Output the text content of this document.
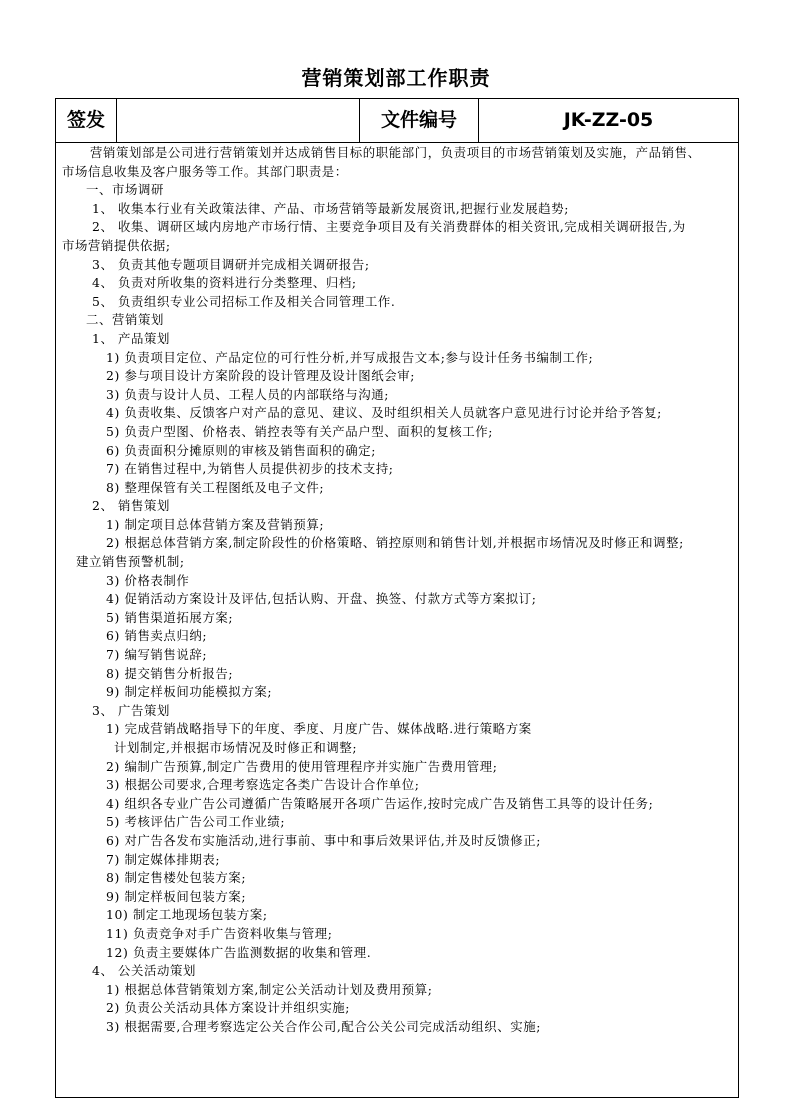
营销策划部工作职责
签发	文件编号	JK-ZZ-05
营销策划部是公司进行营销策划并达成销售目标的职能部门，负责项目的市场营销策划及实施，产品销售、
市场信息收集及客户服务等工作。其部门职责是：
一、市场调研
1、 收集本行业有关政策法律、产品、市场营销等最新发展资讯,把握行业发展趋势;
2、 收集、调研区域内房地产市场行情、主要竞争项目及有关消费群体的相关资讯,完成相关调研报告,为
市场营销提供依据;
3、 负责其他专题项目调研并完成相关调研报告;
4、 负责对所收集的资料进行分类整理、归档;
5、 负责组织专业公司招标工作及相关合同管理工作.
二、营销策划
1、 产品策划
1) 负责项目定位、产品定位的可行性分析,并写成报告文本;参与设计任务书编制工作;
2) 参与项目设计方案阶段的设计管理及设计图纸会审;
3) 负责与设计人员、工程人员的内部联络与沟通;
4) 负责收集、反馈客户对产品的意见、建议、及时组织相关人员就客户意见进行讨论并给予答复;
5) 负责户型图、价格表、销控表等有关产品户型、面积的复核工作;
6) 负责面积分摊原则的审核及销售面积的确定;
7) 在销售过程中,为销售人员提供初步的技术支持;
8) 整理保管有关工程图纸及电子文件;
2、 销售策划
1) 制定项目总体营销方案及营销预算;
2) 根据总体营销方案,制定阶段性的价格策略、销控原则和销售计划,并根据市场情况及时修正和调整;
建立销售预警机制;
3) 价格表制作
4) 促销活动方案设计及评估,包括认购、开盘、换签、付款方式等方案拟订;
5) 销售渠道拓展方案;
6) 销售卖点归纳;
7) 编写销售说辞;
8) 提交销售分析报告;
9) 制定样板间功能模拟方案;
3、 广告策划
1) 完成营销战略指导下的年度、季度、月度广告、媒体战略.进行策略方案
计划制定,并根据市场情况及时修正和调整;
2) 编制广告预算,制定广告费用的使用管理程序并实施广告费用管理;
3) 根据公司要求,合理考察选定各类广告设计合作单位;
4) 组织各专业广告公司遵循广告策略展开各项广告运作,按时完成广告及销售工具等的设计任务;
5) 考核评估广告公司工作业绩;
6) 对广告各发布实施活动,进行事前、事中和事后效果评估,并及时反馈修正;
7) 制定媒体排期表;
8) 制定售楼处包装方案;
9) 制定样板间包装方案;
10) 制定工地现场包装方案;
11) 负责竞争对手广告资料收集与管理;
12) 负责主要媒体广告监测数据的收集和管理.
4、 公关活动策划
1) 根据总体营销策划方案,制定公关活动计划及费用预算;
2) 负责公关活动具体方案设计并组织实施;
3) 根据需要,合理考察选定公关合作公司,配合公关公司完成活动组织、实施;
